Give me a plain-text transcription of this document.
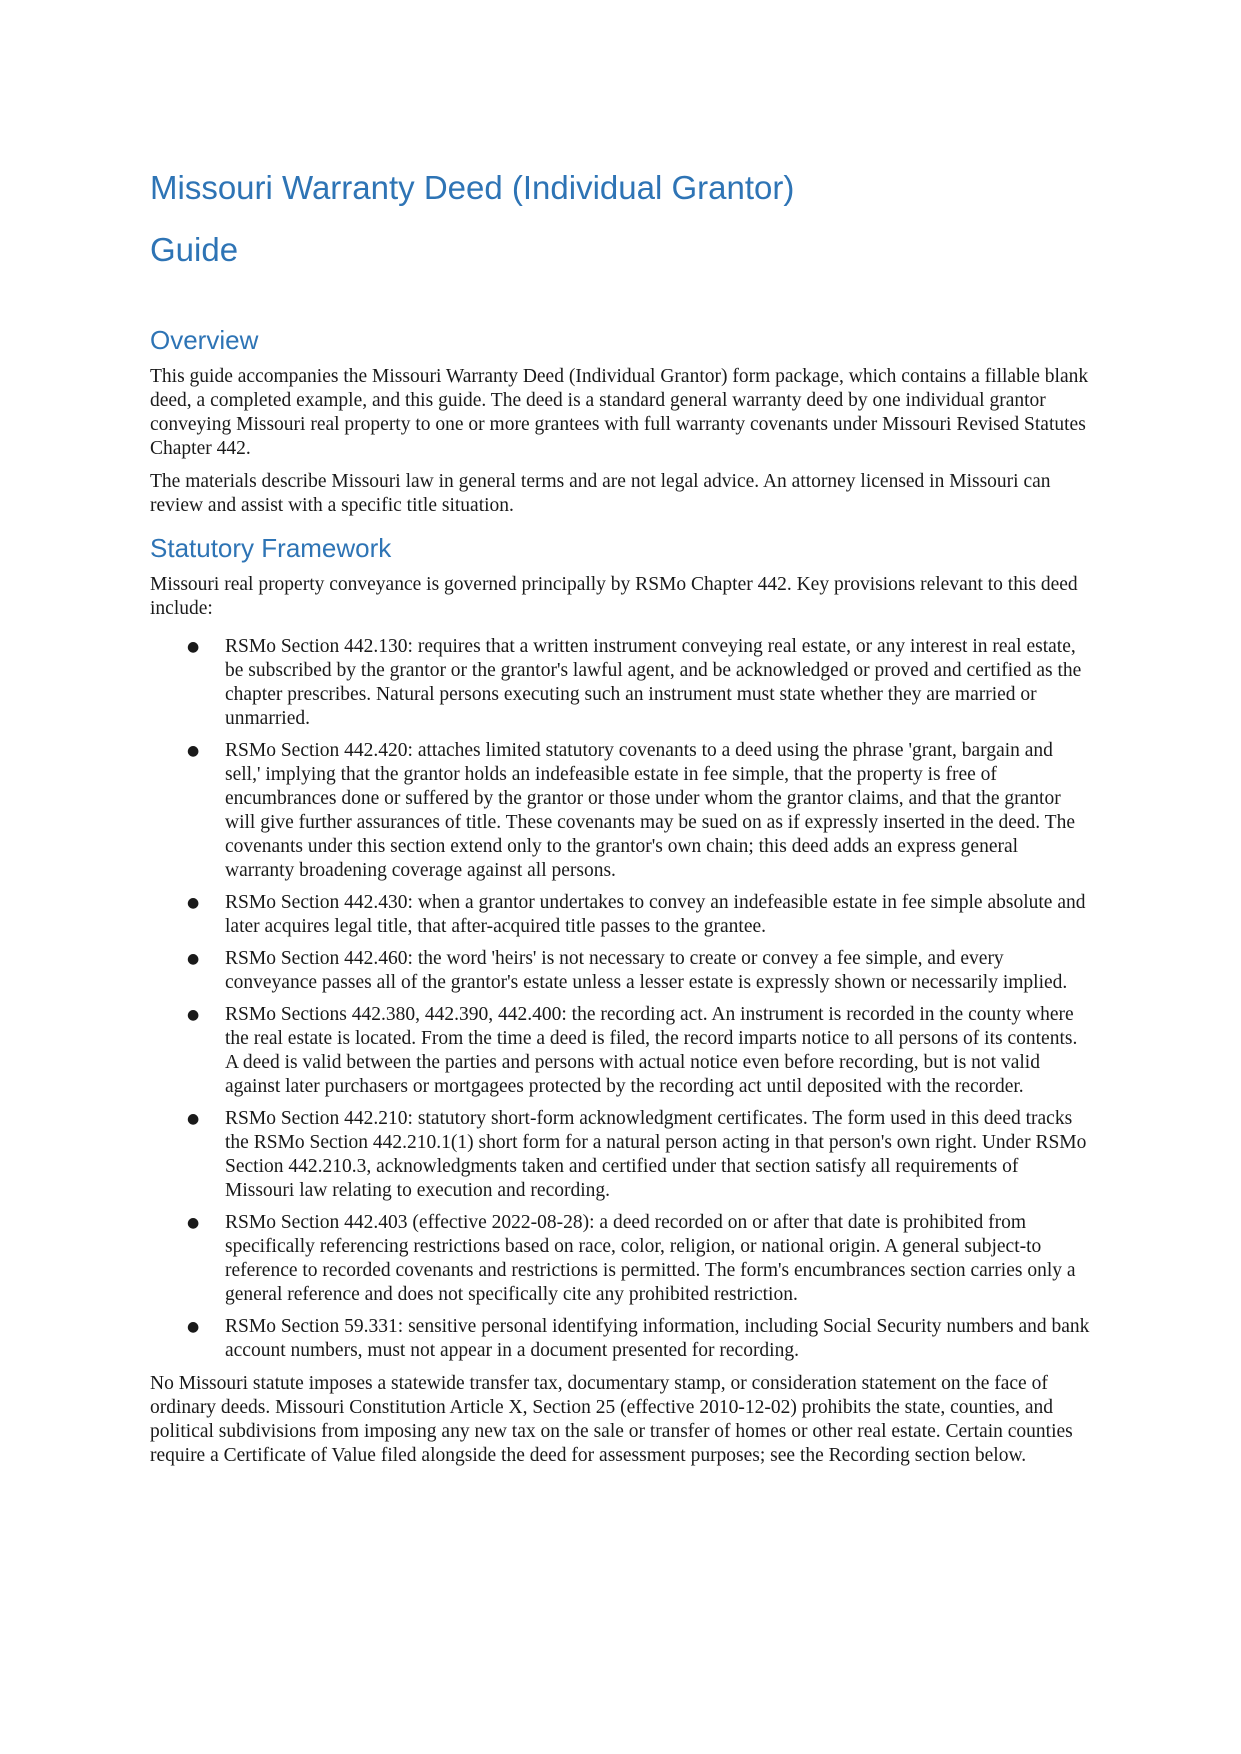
Missouri Warranty Deed (Individual Grantor)
Guide
Overview

This guide accompanies the Missouri Warranty Deed (Individual Grantor) form package, which contains a fillable blank deed, a completed example, and this guide. The deed is a standard general warranty deed by one individual grantor conveying Missouri real property to one or more grantees with full warranty covenants under Missouri Revised Statutes Chapter 442.

The materials describe Missouri law in general terms and are not legal advice. An attorney licensed in Missouri can review and assist with a specific title situation.

Statutory Framework

Missouri real property conveyance is governed principally by RSMo Chapter 442. Key provisions relevant to this deed include:

● RSMo Section 442.130: requires that a written instrument conveying real estate, or any interest in real estate, be subscribed by the grantor or the grantor's lawful agent, and be acknowledged or proved and certified as the chapter prescribes. Natural persons executing such an instrument must state whether they are married or unmarried.
● RSMo Section 442.420: attaches limited statutory covenants to a deed using the phrase 'grant, bargain and sell,' implying that the grantor holds an indefeasible estate in fee simple, that the property is free of encumbrances done or suffered by the grantor or those under whom the grantor claims, and that the grantor will give further assurances of title. These covenants may be sued on as if expressly inserted in the deed. The covenants under this section extend only to the grantor's own chain; this deed adds an express general warranty broadening coverage against all persons.
● RSMo Section 442.430: when a grantor undertakes to convey an indefeasible estate in fee simple absolute and later acquires legal title, that after-acquired title passes to the grantee.
● RSMo Section 442.460: the word 'heirs' is not necessary to create or convey a fee simple, and every conveyance passes all of the grantor's estate unless a lesser estate is expressly shown or necessarily implied.
● RSMo Sections 442.380, 442.390, 442.400: the recording act. An instrument is recorded in the county where the real estate is located. From the time a deed is filed, the record imparts notice to all persons of its contents. A deed is valid between the parties and persons with actual notice even before recording, but is not valid against later purchasers or mortgagees protected by the recording act until deposited with the recorder.
● RSMo Section 442.210: statutory short-form acknowledgment certificates. The form used in this deed tracks the RSMo Section 442.210.1(1) short form for a natural person acting in that person's own right. Under RSMo Section 442.210.3, acknowledgments taken and certified under that section satisfy all requirements of Missouri law relating to execution and recording.
● RSMo Section 442.403 (effective 2022-08-28): a deed recorded on or after that date is prohibited from specifically referencing restrictions based on race, color, religion, or national origin. A general subject-to reference to recorded covenants and restrictions is permitted. The form's encumbrances section carries only a general reference and does not specifically cite any prohibited restriction.
● RSMo Section 59.331: sensitive personal identifying information, including Social Security numbers and bank account numbers, must not appear in a document presented for recording.

No Missouri statute imposes a statewide transfer tax, documentary stamp, or consideration statement on the face of ordinary deeds. Missouri Constitution Article X, Section 25 (effective 2010-12-02) prohibits the state, counties, and political subdivisions from imposing any new tax on the sale or transfer of homes or other real estate. Certain counties require a Certificate of Value filed alongside the deed for assessment purposes; see the Recording section below.
